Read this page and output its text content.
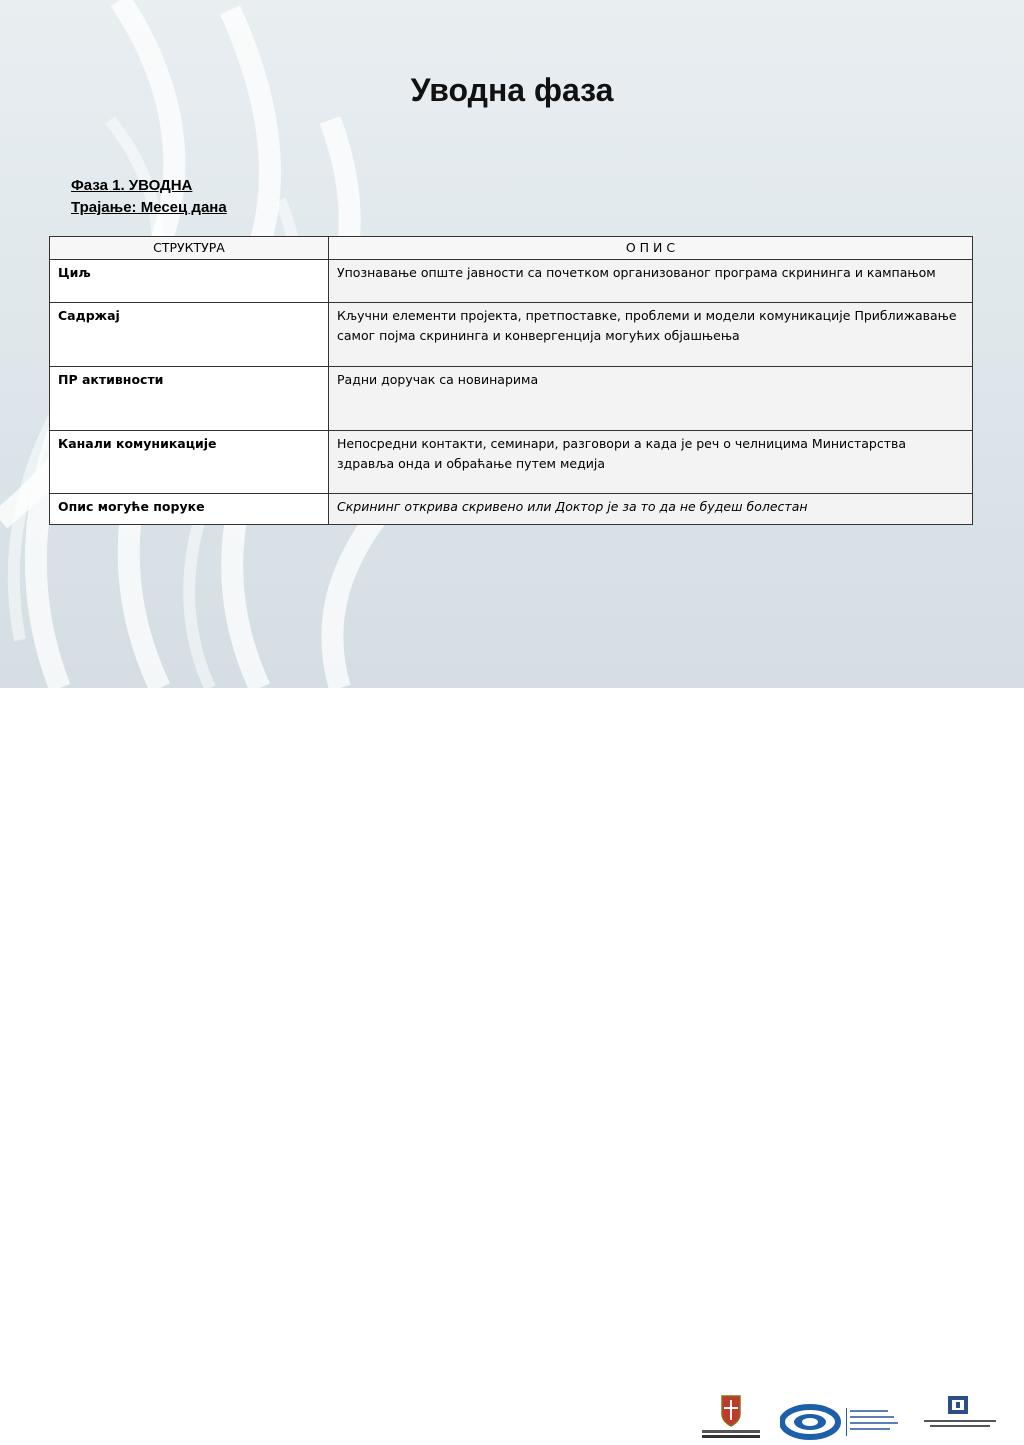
Уводна фаза
Фаза 1. УВОДНА
Трајање: Месец дана
СТРУКТУРА	О П И С
Циљ	Упознавање опште јавности са почетком организованог програма скрининга и кампањом
Садржај	Кључни елементи пројекта, претпоставке, проблеми и модели комуникације Приближавање самог појма скрининга и конвергенција могућих објашњења
ПР активности	Радни доручак са новинарима
Канали комуникације	Непосредни контакти, семинари, разговори а када је реч о челницима Министарства здравља онда и обраћање путем медија
Опис могуће поруке	Скрининг открива скривено или Доктор је за то да не будеш болестан
